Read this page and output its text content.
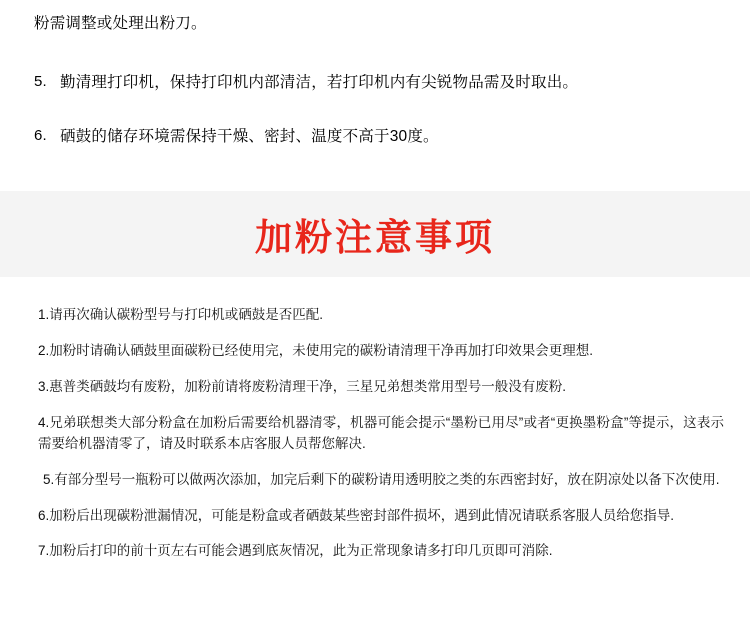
粉需调整或处理出粉刀。
5. 勤清理打印机，保持打印机内部清洁，若打印机内有尖锐物品需及时取出。
6. 硒鼓的储存环境需保持干燥、密封、温度不高于30度。
加粉注意事项
1.请再次确认碳粉型号与打印机或硒鼓是否匹配.
2.加粉时请确认硒鼓里面碳粉已经使用完，未使用完的碳粉请清理干净再加打印效果会更理想.
3.惠普类硒鼓均有废粉，加粉前请将废粉清理干净，三星兄弟想类常用型号一般没有废粉.
4.兄弟联想类大部分粉盒在加粉后需要给机器清零，机器可能会提示“墨粉已用尽”或者“更换墨粉盒”等提示，这表示需要给机器清零了，请及时联系本店客服人员帮您解决.
5.有部分型号一瓶粉可以做两次添加，加完后剩下的碳粉请用透明胶之类的东西密封好，放在阴凉处以备下次使用.
6.加粉后出现碳粉泄漏情况，可能是粉盒或者硒鼓某些密封部件损坏，遇到此情况请联系客服人员给您指导.
7.加粉后打印的前十页左右可能会遇到底灰情况，此为正常现象请多打印几页即可消除.
